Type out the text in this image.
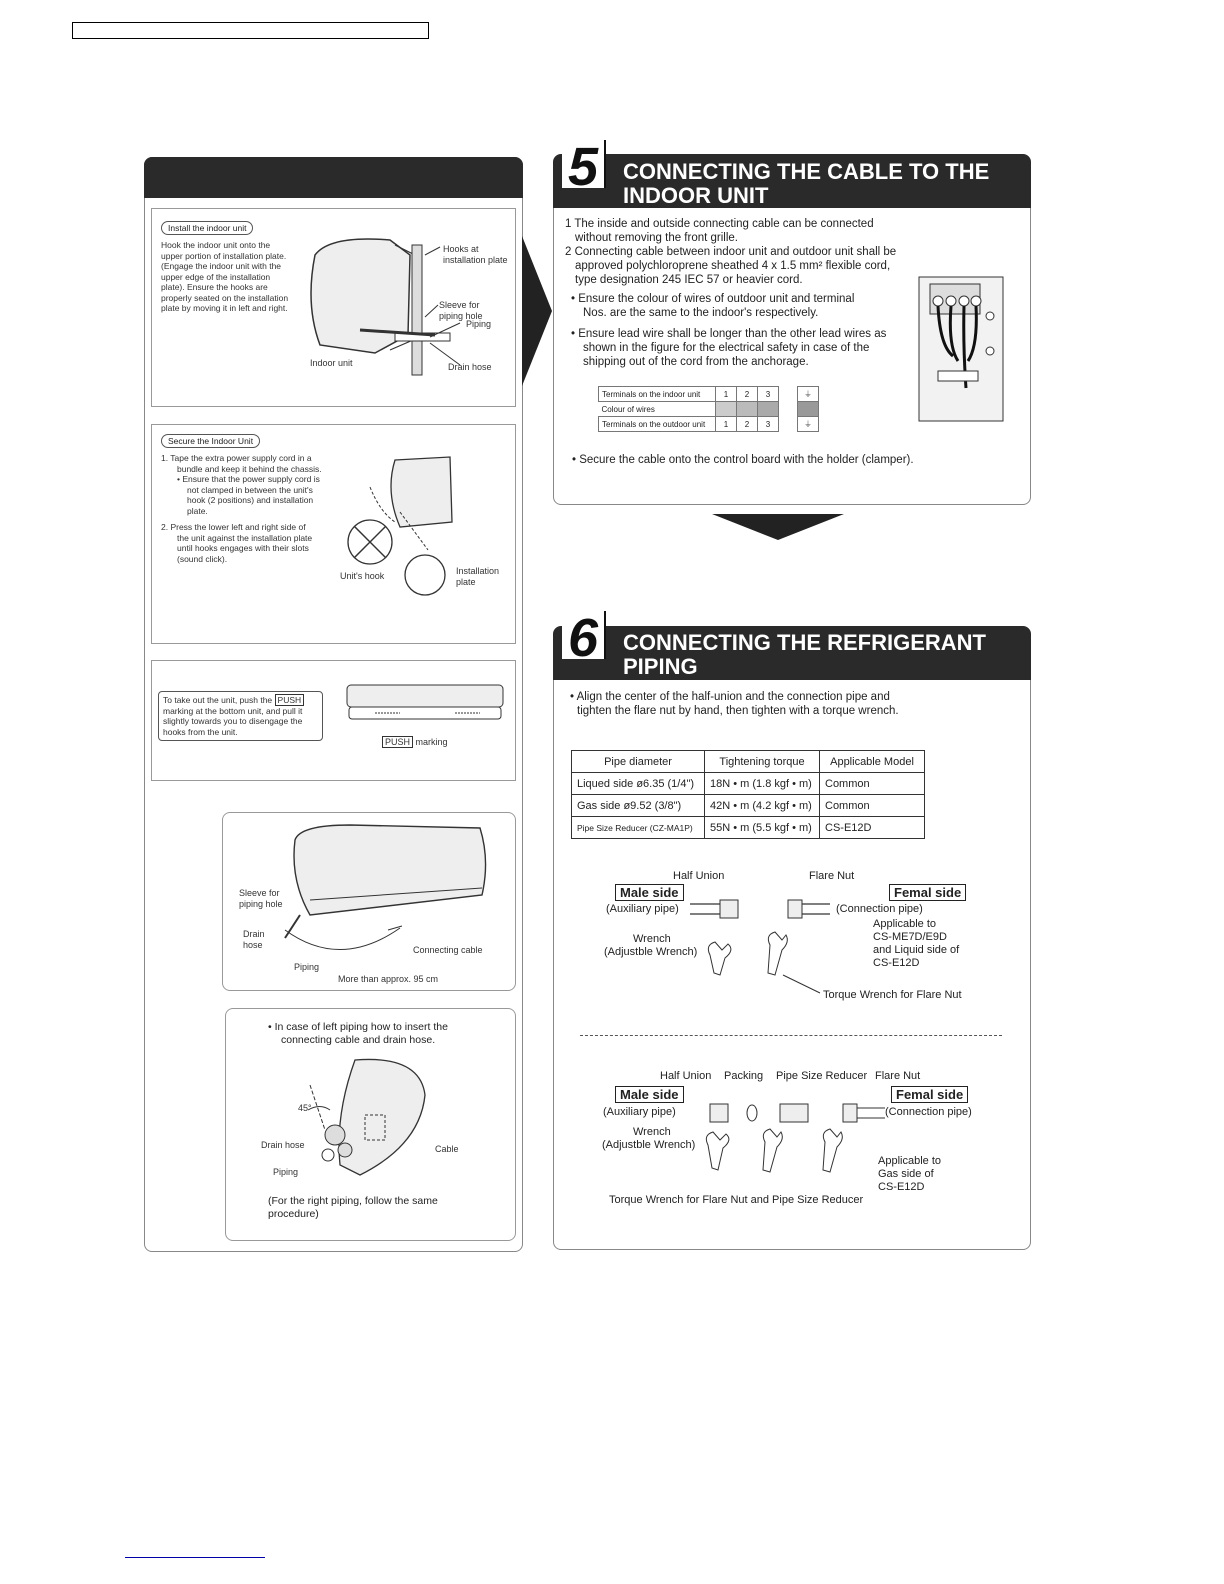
Install the indoor unit
Hook the indoor unit onto the
upper portion of installation plate.
(Engage the indoor unit with the
upper edge of the installation
plate). Ensure the hooks are
properly seated on the installation
plate by moving it in left and right.
Hooks at
installation plate
Sleeve for
piping hole
Piping
Indoor unit	Drain hose
Secure the Indoor Unit
1. Tape the extra power supply cord in a
bundle and keep it behind the chassis.
• Ensure that the power supply cord is
not clamped in between the unit's
hook (2 positions) and installation
plate.
2. Press the lower left and right side of
the unit against the installation plate
until hooks engages with their slots
(sound click).
Unit's hook	Installation
plate
To take out the unit, push the PUSH
marking at the bottom unit, and pull it
slightly towards you to disengage the
hooks from the unit.
PUSH marking
Sleeve for
piping hole
Drain
hose
Piping
Connecting cable
More than approx. 95 cm
• In case of left piping how to insert the
connecting cable and drain hose.
45°
Drain hose
Piping
Cable
(For the right piping, follow the same
procedure)
5	CONNECTING THE CABLE TO THE
INDOOR UNIT
1 The inside and outside connecting cable can be connected
without removing the front grille.
2 Connecting cable between indoor unit and outdoor unit shall be
approved polychloroprene sheathed 4 x 1.5 mm² flexible cord,
type designation 245 IEC 57 or heavier cord.
• Ensure the colour of wires of outdoor unit and terminal
Nos. are the same to the indoor's respectively.
• Ensure lead wire shall be longer than the other lead wires as
shown in the figure for the electrical safety in case of the
shipping out of the cord from the anchorage.
Terminals on the indoor unit	1	2	3		⏚
Colour of wires					
Terminals on the outdoor unit	1	2	3		⏚
• Secure the cable onto the control board with the holder (clamper).
6	CONNECTING THE REFRIGERANT
PIPING
• Align the center of the half-union and the connection pipe and
tighten the flare nut by hand, then tighten with a torque wrench.
Pipe diameter	Tightening torque	Applicable Model
Liqued side ø6.35 (1/4")	18N • m (1.8 kgf • m)	Common
Gas side ø9.52 (3/8")	42N • m (4.2 kgf • m)	Common
Pipe Size Reducer (CZ-MA1P)	55N • m (5.5 kgf • m)	CS-E12D
Half Union	Flare Nut
Male side	Femal side
(Auxiliary pipe)	(Connection pipe)
Wrench
(Adjustble Wrench)
Applicable to
CS-ME7D/E9D
and Liquid side of
CS-E12D
Torque Wrench for Flare Nut
Half Union Packing Pipe Size Reducer Flare Nut
Male side	Femal side
(Auxiliary pipe)	(Connection pipe)
Wrench
(Adjustble Wrench)
Applicable to
Gas side of
CS-E12D
Torque Wrench for Flare Nut and Pipe Size Reducer
